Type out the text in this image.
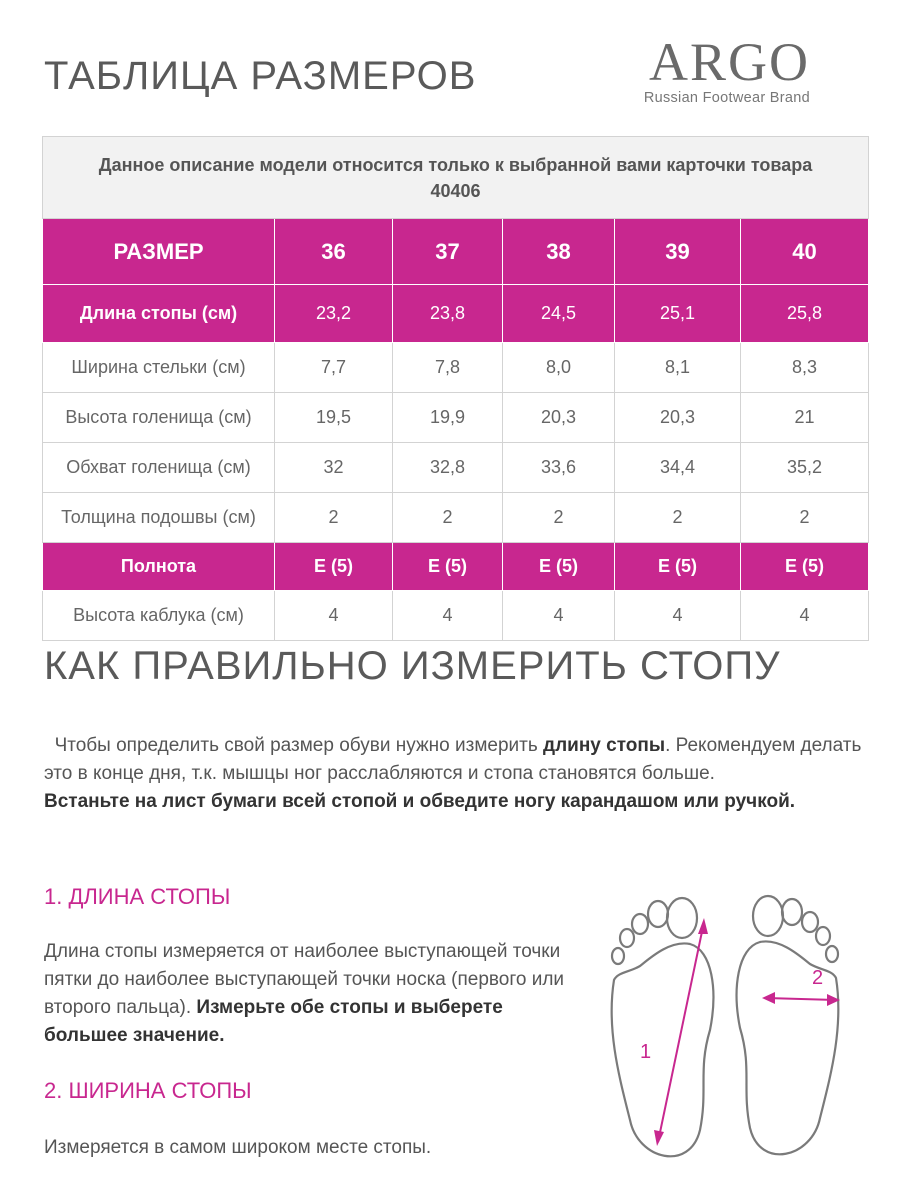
ТАБЛИЦА РАЗМЕРОВ	ARGO
Russian Footwear Brand
Данное описание модели относится только к выбранной вами карточки товара 40406					
РАЗМЕР	36	37	38	39	40
Длина стопы (см)	23,2	23,8	24,5	25,1	25,8
Ширина стельки (см)	7,7	7,8	8,0	8,1	8,3
Высота голенища (см)	19,5	19,9	20,3	20,3	21
Обхват голенища (см)	32	32,8	33,6	34,4	35,2
Толщина подошвы (см)	2	2	2	2	2
Полнота	E (5)	E (5)	E (5)	E (5)	E (5)
Высота каблука (см)	4	4	4	4	4
КАК ПРАВИЛЬНО ИЗМЕРИТЬ СТОПУ
Чтобы определить свой размер обуви нужно измерить длину стопы. Рекомендуем делать это в конце дня, т.к. мышцы ног расслабляются и стопа становятся больше.
Встаньте на лист бумаги всей стопой и обведите ногу карандашом или ручкой.
1. ДЛИНА СТОПЫ
Длина стопы измеряется от наиболее выступающей точки пятки до наиболее выступающей точки носка (первого или второго пальца). Измерьте обе стопы и выберете большее значение.
2. ШИРИНА СТОПЫ
Измеряется в самом широком месте стопы.
1
2
